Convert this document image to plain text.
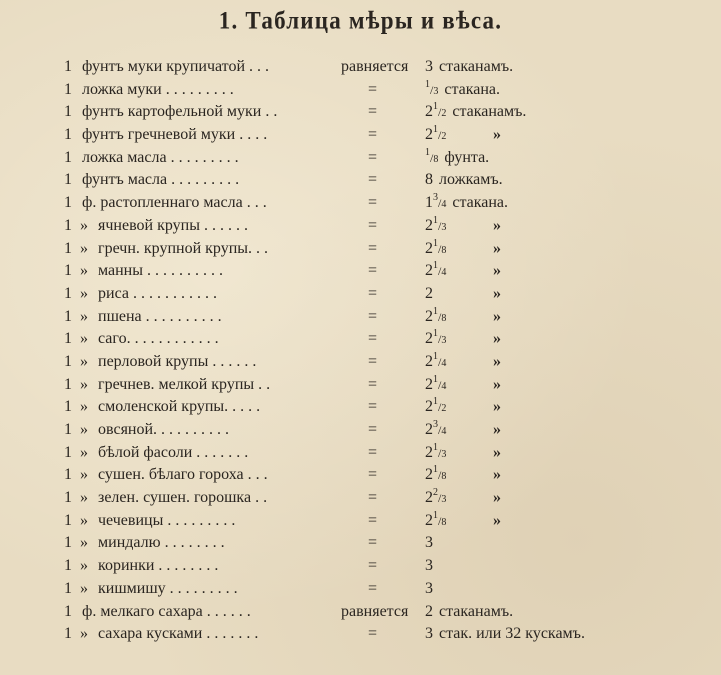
1. Таблица мѣры и вѣса.
1 фунтъ муки крупичатой . . .	равняется 3 стаканамъ.
1 ложка муки . . . . . . . . .	=	$^1$/3 стакана.
1 фунтъ картофельной муки . .	=	$2^1/2$ стаканамъ.
1 фунтъ гречневой муки . . . .	=	$2^1/2$	»
1 ложка масла . . . . . . . . .	=	$^1$/8 фунта.
1 фунтъ масла . . . . . . . . .	=	8 ложкамъ.
1 ф. растопленнаго масла . . .	=	$1^3/4$ стакана.
1 » ячневой крупы . . . . . .	=	$2^1/3$	»
1 » гречн. крупной крупы. . .	=	$2^1/8$	»
1 » манны . . . . . . . . . .	=	$2^1/4$	»
1 » риса . . . . . . . . . . .	=	2	»
1 » пшена . . . . . . . . . .	=	$2^1/8$	»
1 » саго. . . . . . . . . . . .	=	$2^1/3$	»
1 » перловой крупы . . . . . .	=	$2^1/4$	»
1 » гречнев. мелкой крупы . .	=	$2^1/4$	»
1 » смоленской крупы. . . . .	=	$2^1/2$	»
1 » овсяной. . . . . . . . . .	=	$2^3/4$	»
1 » бѣлой фасоли . . . . . . .	=	$2^1/3$	»
1 » сушен. бѣлаго гороха . . .	=	$2^1/8$	»
1 » зелен. сушен. горошка . .	=	$2^2/3$	»
1 » чечевицы . . . . . . . . .	=	$2^1/8$	»
1 » миндалю . . . . . . . .	=	3
1 » коринки . . . . . . . .	=	3
1 » кишмишу . . . . . . . . .	=	3
1 ф. мелкаго сахара . . . . . .	равняется 2 стаканамъ.
1 » сахара кусками . . . . . . .	=	3 стак. или 32 кускамъ.
